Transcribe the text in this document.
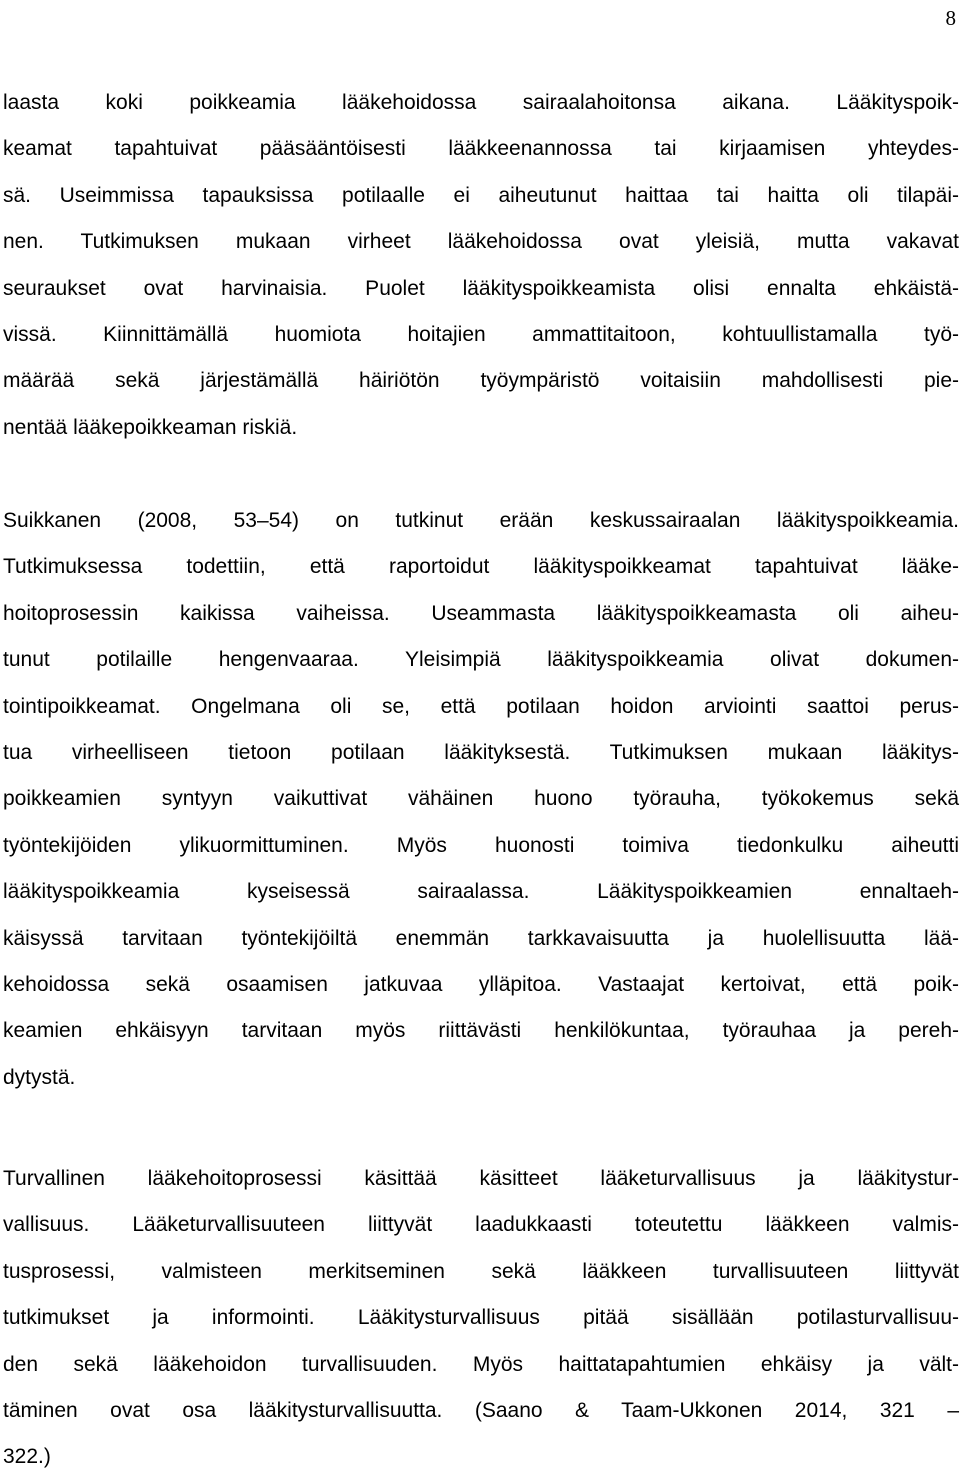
8
laasta koki poikkeamia lääkehoidossa sairaalahoitonsa aikana. Lääkityspoik-
keamat tapahtuivat pääsääntöisesti lääkkeenannossa tai kirjaamisen yhteydes-
sä. Useimmissa tapauksissa potilaalle ei aiheutunut haittaa tai haitta oli tilapäi-
nen. Tutkimuksen mukaan virheet lääkehoidossa ovat yleisiä, mutta vakavat
seuraukset ovat harvinaisia. Puolet lääkityspoikkeamista olisi ennalta ehkäistä-
vissä. Kiinnittämällä huomiota hoitajien ammattitaitoon, kohtuullistamalla työ-
määrää sekä järjestämällä häiriötön työympäristö voitaisiin mahdollisesti pie-
nentää lääkepoikkeaman riskiä.
Suikkanen (2008, 53–54) on tutkinut erään keskussairaalan lääkityspoikkeamia.
Tutkimuksessa todettiin, että raportoidut lääkityspoikkeamat tapahtuivat lääke-
hoitoprosessin kaikissa vaiheissa. Useammasta lääkityspoikkeamasta oli aiheu-
tunut potilaille hengenvaaraa. Yleisimpiä lääkityspoikkeamia olivat dokumen-
tointipoikkeamat. Ongelmana oli se, että potilaan hoidon arviointi saattoi perus-
tua virheelliseen tietoon potilaan lääkityksestä. Tutkimuksen mukaan lääkitys-
poikkeamien syntyyn vaikuttivat vähäinen huono työrauha, työkokemus sekä
työntekijöiden ylikuormittuminen. Myös huonosti toimiva tiedonkulku aiheutti
lääkityspoikkeamia kyseisessä sairaalassa. Lääkityspoikkeamien ennaltaeh-
käisyssä tarvitaan työntekijöiltä enemmän tarkkavaisuutta ja huolellisuutta lää-
kehoidossa sekä osaamisen jatkuvaa ylläpitoa. Vastaajat kertoivat, että poik-
keamien ehkäisyyn tarvitaan myös riittävästi henkilökuntaa, työrauhaa ja pereh-
dytystä.
Turvallinen lääkehoitoprosessi käsittää käsitteet lääketurvallisuus ja lääkitystur-
vallisuus. Lääketurvallisuuteen liittyvät laadukkaasti toteutettu lääkkeen valmis-
tusprosessi, valmisteen merkitseminen sekä lääkkeen turvallisuuteen liittyvät
tutkimukset ja informointi. Lääkitysturvallisuus pitää sisällään potilasturvallisuu-
den sekä lääkehoidon turvallisuuden. Myös haittatapahtumien ehkäisy ja vält-
täminen ovat osa lääkitysturvallisuutta. (Saano & Taam-Ukkonen 2014, 321 –
322.)
